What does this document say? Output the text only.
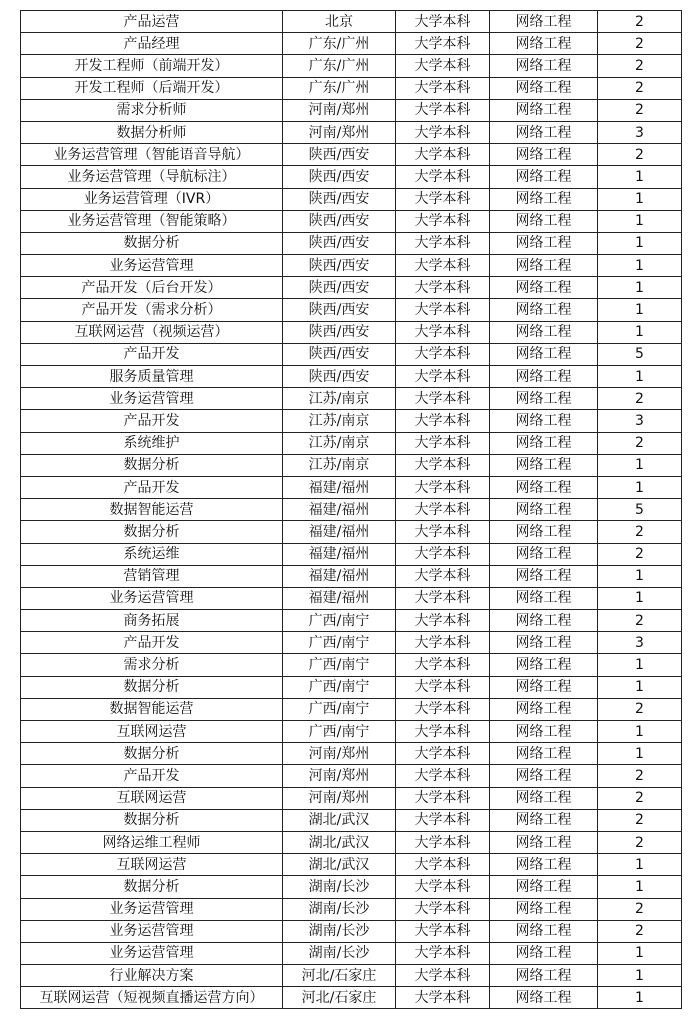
产品运营	北京	大学本科	网络工程	2
产品经理	广东/广州	大学本科	网络工程	2
开发工程师（前端开发）	广东/广州	大学本科	网络工程	2
开发工程师（后端开发）	广东/广州	大学本科	网络工程	2
需求分析师	河南/郑州	大学本科	网络工程	2
数据分析师	河南/郑州	大学本科	网络工程	3
业务运营管理（智能语音导航）	陕西/西安	大学本科	网络工程	2
业务运营管理（导航标注）	陕西/西安	大学本科	网络工程	1
业务运营管理（IVR）	陕西/西安	大学本科	网络工程	1
业务运营管理（智能策略）	陕西/西安	大学本科	网络工程	1
数据分析	陕西/西安	大学本科	网络工程	1
业务运营管理	陕西/西安	大学本科	网络工程	1
产品开发（后台开发）	陕西/西安	大学本科	网络工程	1
产品开发（需求分析）	陕西/西安	大学本科	网络工程	1
互联网运营（视频运营）	陕西/西安	大学本科	网络工程	1
产品开发	陕西/西安	大学本科	网络工程	5
服务质量管理	陕西/西安	大学本科	网络工程	1
业务运营管理	江苏/南京	大学本科	网络工程	2
产品开发	江苏/南京	大学本科	网络工程	3
系统维护	江苏/南京	大学本科	网络工程	2
数据分析	江苏/南京	大学本科	网络工程	1
产品开发	福建/福州	大学本科	网络工程	1
数据智能运营	福建/福州	大学本科	网络工程	5
数据分析	福建/福州	大学本科	网络工程	2
系统运维	福建/福州	大学本科	网络工程	2
营销管理	福建/福州	大学本科	网络工程	1
业务运营管理	福建/福州	大学本科	网络工程	1
商务拓展	广西/南宁	大学本科	网络工程	2
产品开发	广西/南宁	大学本科	网络工程	3
需求分析	广西/南宁	大学本科	网络工程	1
数据分析	广西/南宁	大学本科	网络工程	1
数据智能运营	广西/南宁	大学本科	网络工程	2
互联网运营	广西/南宁	大学本科	网络工程	1
数据分析	河南/郑州	大学本科	网络工程	1
产品开发	河南/郑州	大学本科	网络工程	2
互联网运营	河南/郑州	大学本科	网络工程	2
数据分析	湖北/武汉	大学本科	网络工程	2
网络运维工程师	湖北/武汉	大学本科	网络工程	2
互联网运营	湖北/武汉	大学本科	网络工程	1
数据分析	湖南/长沙	大学本科	网络工程	1
业务运营管理	湖南/长沙	大学本科	网络工程	2
业务运营管理	湖南/长沙	大学本科	网络工程	2
业务运营管理	湖南/长沙	大学本科	网络工程	1
行业解决方案	河北/石家庄	大学本科	网络工程	1
互联网运营（短视频直播运营方向）	河北/石家庄	大学本科	网络工程	1
